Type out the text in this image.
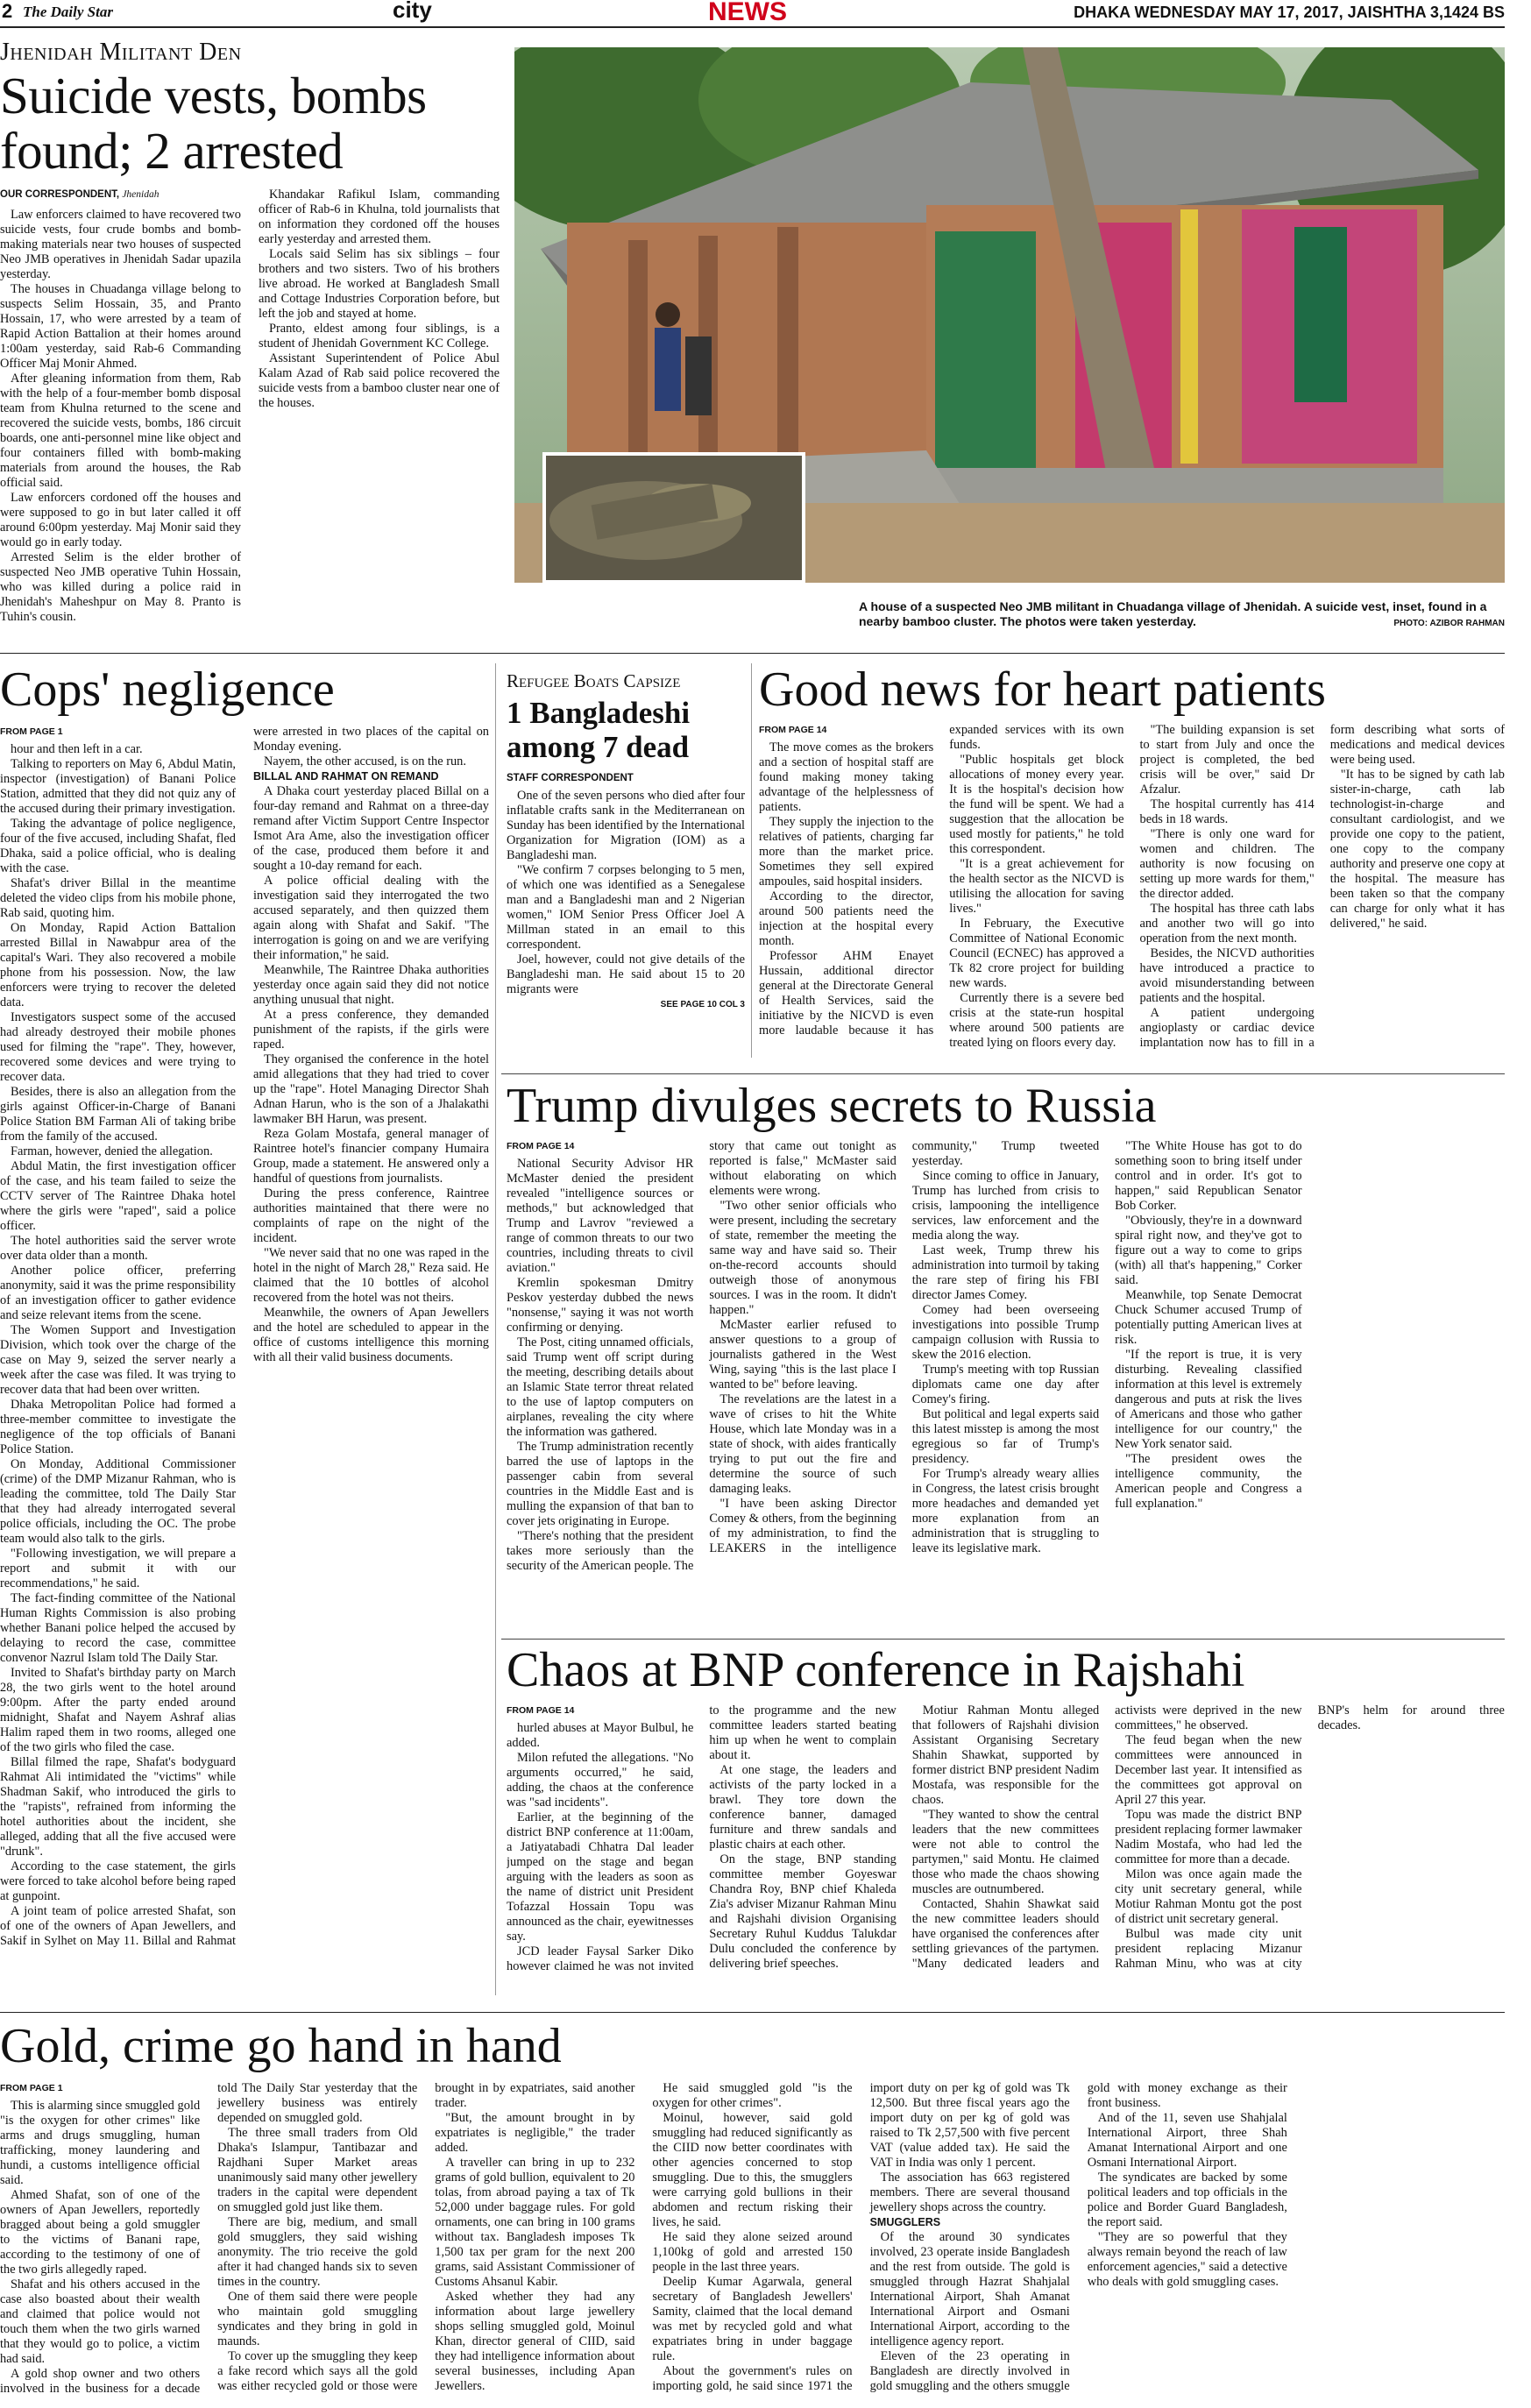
2 The Daily Star	city	NEWS	DHAKA WEDNESDAY MAY 17, 2017, JAISHTHA 3,1424 BS
Jhenidah Militant Den
Suicide vests, bombs found; 2 arrested
OUR CORRESPONDENT, Jhenidah

Law enforcers claimed to have recovered two suicide vests, four crude bombs and bomb-making materials near two houses of suspected Neo JMB operatives in Jhenidah Sadar upazila yesterday.

The houses in Chuadanga village belong to suspects Selim Hossain, 35, and Pranto Hossain, 17, who were arrested by a team of Rapid Action Battalion at their homes around 1:00am yesterday, said Rab-6 Commanding Officer Maj Monir Ahmed.

After gleaning information from them, Rab with the help of a four-member bomb disposal team from Khulna returned to the scene and recovered the suicide vests, bombs, 186 circuit boards, one anti-personnel mine like object and four containers filled with bomb-making materials from around the houses, the Rab official said.

Law enforcers cordoned off the houses and were supposed to go in but later called it off around 6:00pm yesterday. Maj Monir said they would go in early today.

Arrested Selim is the elder brother of suspected Neo JMB operative Tuhin Hossain, who was killed during a police raid in Jhenidah's Maheshpur on May 8. Pranto is Tuhin's cousin.

Khandakar Rafikul Islam, commanding officer of Rab-6 in Khulna, told journalists that on information they cordoned off the houses early yesterday and arrested them.

Locals said Selim has six siblings – four brothers and two sisters. Two of his brothers live abroad. He worked at Bangladesh Small and Cottage Industries Corporation before, but left the job and stayed at home.

Pranto, eldest among four siblings, is a student of Jhenidah Government KC College.

Assistant Superintendent of Police Abul Kalam Azad of Rab said police recovered the suicide vests from a bamboo cluster near one of the houses.

A house of a suspected Neo JMB militant in Chuadanga village of Jhenidah. A suicide vest, inset, found in a nearby bamboo cluster. The photos were taken yesterday.	PHOTO: AZIBOR RAHMAN
Cops' negligence
FROM PAGE 1

hour and then left in a car.

Talking to reporters on May 6, Abdul Matin, inspector (investigation) of Banani Police Station, admitted that they did not quiz any of the accused during their primary investigation.

Taking the advantage of police negligence, four of the five accused, including Shafat, fled Dhaka, said a police official, who is dealing with the case.

Shafat's driver Billal in the meantime deleted the video clips from his mobile phone, Rab said, quoting him.

On Monday, Rapid Action Battalion arrested Billal in Nawabpur area of the capital's Wari. They also recovered a mobile phone from his possession. Now, the law enforcers were trying to recover the deleted data.

Investigators suspect some of the accused had already destroyed their mobile phones used for filming the "rape". They, however, recovered some devices and were trying to recover data.

Besides, there is also an allegation from the girls against Officer-in-Charge of Banani Police Station BM Farman Ali of taking bribe from the family of the accused.

Farman, however, denied the allegation.

Abdul Matin, the first investigation officer of the case, and his team failed to seize the CCTV server of The Raintree Dhaka hotel where the girls were "raped", said a police officer.

The hotel authorities said the server wrote over data older than a month.

Another police officer, preferring anonymity, said it was the prime responsibility of an investigation officer to gather evidence and seize relevant items from the scene.

The Women Support and Investigation Division, which took over the charge of the case on May 9, seized the server nearly a week after the case was filed. It was trying to recover data that had been over written.

Dhaka Metropolitan Police had formed a three-member committee to investigate the negligence of the top officials of Banani Police Station.

On Monday, Additional Commissioner (crime) of the DMP Mizanur Rahman, who is leading the committee, told The Daily Star that they had already interrogated several police officials, including the OC. The probe team would also talk to the girls.

"Following investigation, we will prepare a report and submit it with our recommendations," he said.

The fact-finding committee of the National Human Rights Commission is also probing whether Banani police helped the accused by delaying to record the case, committee convenor Nazrul Islam told The Daily Star.

Invited to Shafat's birthday party on March 28, the two girls went to the hotel around 9:00pm. After the party ended around midnight, Shafat and Nayem Ashraf alias Halim raped them in two rooms, alleged one of the two girls who filed the case.

Billal filmed the rape, Shafat's bodyguard Rahmat Ali intimidated the "victims" while Shadman Sakif, who introduced the girls to the "rapists", refrained from informing the hotel authorities about the incident, she alleged, adding that all the five accused were "drunk".

According to the case statement, the girls were forced to take alcohol before being raped at gunpoint.

A joint team of police arrested Shafat, son of one of the owners of Apan Jewellers, and Sakif in Sylhet on May 11. Billal and Rahmat were arrested in two places of the capital on Monday evening.

Nayem, the other accused, is on the run.

BILLAL AND RAHMAT ON REMAND

A Dhaka court yesterday placed Billal on a four-day remand and Rahmat on a three-day remand after Victim Support Centre Inspector Ismot Ara Ame, also the investigation officer of the case, produced them before it and sought a 10-day remand for each.

A police official dealing with the investigation said they interrogated the two accused separately, and then quizzed them again along with Shafat and Sakif. "The interrogation is going on and we are verifying their information," he said.

Meanwhile, The Raintree Dhaka authorities yesterday once again said they did not notice anything unusual that night.

At a press conference, they demanded punishment of the rapists, if the girls were raped.

They organised the conference in the hotel amid allegations that they had tried to cover up the "rape". Hotel Managing Director Shah Adnan Harun, who is the son of a Jhalakathi lawmaker BH Harun, was present.

Reza Golam Mostafa, general manager of Raintree hotel's financier company Humaira Group, made a statement. He answered only a handful of questions from journalists.

During the press conference, Raintree authorities maintained that there were no complaints of rape on the night of the incident.

"We never said that no one was raped in the hotel in the night of March 28," Reza said. He claimed that the 10 bottles of alcohol recovered from the hotel was not theirs.

Meanwhile, the owners of Apan Jewellers and the hotel are scheduled to appear in the office of customs intelligence this morning with all their valid business documents.

Refugee Boats Capsize
1 Bangladeshi among 7 dead
STAFF CORRESPONDENT

One of the seven persons who died after four inflatable crafts sank in the Mediterranean on Sunday has been identified by the International Organization for Migration (IOM) as a Bangladeshi man.

"We confirm 7 corpses belonging to 5 men, of which one was identified as a Senegalese man and a Bangladeshi man and 2 Nigerian women," IOM Senior Press Officer Joel A Millman stated in an email to this correspondent.

Joel, however, could not give details of the Bangladeshi man. He said about 15 to 20 migrants were

SEE PAGE 10 COL 3
Good news for heart patients
FROM PAGE 14

The move comes as the brokers and a section of hospital staff are found making money taking advantage of the helplessness of patients.

They supply the injection to the relatives of patients, charging far more than the market price. Sometimes they sell expired ampoules, said hospital insiders.

According to the director, around 500 patients need the injection at the hospital every month.

Professor AHM Enayet Hussain, additional director general at the Directorate General of Health Services, said the initiative by the NICVD is even more laudable because it has expanded services with its own funds.

"Public hospitals get block allocations of money every year. It is the hospital's decision how the fund will be spent. We had a suggestion that the allocation be used mostly for patients," he told this correspondent.

"It is a great achievement for the health sector as the NICVD is utilising the allocation for saving lives."

In February, the Executive Committee of National Economic Council (ECNEC) has approved a Tk 82 crore project for building new wards.

Currently there is a severe bed crisis at the state-run hospital where around 500 patients are treated lying on floors every day.

"The building expansion is set to start from July and once the project is completed, the bed crisis will be over," said Dr Afzalur.

The hospital currently has 414 beds in 18 wards.

"There is only one ward for women and children. The authority is now focusing on setting up more wards for them," the director added.

The hospital has three cath labs and another two will go into operation from the next month.

Besides, the NICVD authorities have introduced a practice to avoid misunderstanding between patients and the hospital.

A patient undergoing angioplasty or cardiac device implantation now has to fill in a form describing what sorts of medications and medical devices were being used.

"It has to be signed by cath lab sister-in-charge, cath lab technologist-in-charge and consultant cardiologist, and we provide one copy to the patient, one copy to the company authority and preserve one copy at the hospital. The measure has been taken so that the company can charge for only what it has delivered," he said.

Trump divulges secrets to Russia
FROM PAGE 14

National Security Advisor HR McMaster denied the president revealed "intelligence sources or methods," but acknowledged that Trump and Lavrov "reviewed a range of common threats to our two countries, including threats to civil aviation."

Kremlin spokesman Dmitry Peskov yesterday dubbed the news "nonsense," saying it was not worth confirming or denying.

The Post, citing unnamed officials, said Trump went off script during the meeting, describing details about an Islamic State terror threat related to the use of laptop computers on airplanes, revealing the city where the information was gathered.

The Trump administration recently barred the use of laptops in the passenger cabin from several countries in the Middle East and is mulling the expansion of that ban to cover jets originating in Europe.

"There's nothing that the president takes more seriously than the security of the American people. The story that came out tonight as reported is false," McMaster said without elaborating on which elements were wrong.

"Two other senior officials who were present, including the secretary of state, remember the meeting the same way and have said so. Their on-the-record accounts should outweigh those of anonymous sources. I was in the room. It didn't happen."

McMaster earlier refused to answer questions to a group of journalists gathered in the West Wing, saying "this is the last place I wanted to be" before leaving.

The revelations are the latest in a wave of crises to hit the White House, which late Monday was in a state of shock, with aides frantically trying to put out the fire and determine the source of such damaging leaks.

"I have been asking Director Comey & others, from the beginning of my administration, to find the LEAKERS in the intelligence community," Trump tweeted yesterday.

Since coming to office in January, Trump has lurched from crisis to crisis, lampooning the intelligence services, law enforcement and the media along the way.

Last week, Trump threw his administration into turmoil by taking the rare step of firing his FBI director James Comey.

Comey had been overseeing investigations into possible Trump campaign collusion with Russia to skew the 2016 election.

Trump's meeting with top Russian diplomats came one day after Comey's firing.

But political and legal experts said this latest misstep is among the most egregious so far of Trump's presidency.

For Trump's already weary allies in Congress, the latest crisis brought more headaches and demanded yet more explanation from an administration that is struggling to leave its legislative mark.

"The White House has got to do something soon to bring itself under control and in order. It's got to happen," said Republican Senator Bob Corker.

"Obviously, they're in a downward spiral right now, and they've got to figure out a way to come to grips (with) all that's happening," Corker said.

Meanwhile, top Senate Democrat Chuck Schumer accused Trump of potentially putting American lives at risk.

"If the report is true, it is very disturbing. Revealing classified information at this level is extremely dangerous and puts at risk the lives of Americans and those who gather intelligence for our country," the New York senator said.

"The president owes the intelligence community, the American people and Congress a full explanation."

Chaos at BNP conference in Rajshahi
FROM PAGE 14

hurled abuses at Mayor Bulbul, he added.

Milon refuted the allegations. "No arguments occurred," he said, adding, the chaos at the conference was "sad incidents".

Earlier, at the beginning of the district BNP conference at 11:00am, a Jatiyatabadi Chhatra Dal leader jumped on the stage and began arguing with the leaders as soon as the name of district unit President Tofazzal Hossain Topu was announced as the chair, eyewitnesses say.

JCD leader Faysal Sarker Diko however claimed he was not invited to the programme and the new committee leaders started beating him up when he went to complain about it.

At one stage, the leaders and activists of the party locked in a brawl. They tore down the conference banner, damaged furniture and threw sandals and plastic chairs at each other.

On the stage, BNP standing committee member Goyeswar Chandra Roy, BNP chief Khaleda Zia's adviser Mizanur Rahman Minu and Rajshahi division Organising Secretary Ruhul Kuddus Talukdar Dulu concluded the conference by delivering brief speeches.

Motiur Rahman Montu alleged that followers of Rajshahi division Assistant Organising Secretary Shahin Shawkat, supported by former district BNP president Nadim Mostafa, was responsible for the chaos.

"They wanted to show the central leaders that the new committees were not able to control the partymen," said Montu. He claimed those who made the chaos showing muscles are outnumbered.

Contacted, Shahin Shawkat said the new committee leaders should have organised the conferences after settling grievances of the partymen. "Many dedicated leaders and activists were deprived in the new committees," he observed.

The feud began when the new committees were announced in December last year. It intensified as the committees got approval on April 27 this year.

Topu was made the district BNP president replacing former lawmaker Nadim Mostafa, who had led the committee for more than a decade.

Milon was once again made the city unit secretary general, while Motiur Rahman Montu got the post of district unit secretary general.

Bulbul was made city unit president replacing Mizanur Rahman Minu, who was at city BNP's helm for around three decades.

Gold, crime go hand in hand
FROM PAGE 1

This is alarming since smuggled gold "is the oxygen for other crimes" like arms and drugs smuggling, human trafficking, money laundering and hundi, a customs intelligence official said.

Ahmed Shafat, son of one of the owners of Apan Jewellers, reportedly bragged about being a gold smuggler to the victims of Banani rape, according to the testimony of one of the two girls allegedly raped.

Shafat and his others accused in the case also boasted about their wealth and claimed that police would not touch them when the two girls warned that they would go to police, a victim had said.

A gold shop owner and two others involved in the business for a decade told The Daily Star yesterday that the jewellery business was entirely depended on smuggled gold.

The three small traders from Old Dhaka's Islampur, Tantibazar and Rajdhani Super Market areas unanimously said many other jewellery traders in the capital were dependent on smuggled gold just like them.

There are big, medium, and small gold smugglers, they said wishing anonymity. The trio receive the gold after it had changed hands six to seven times in the country.

One of them said there were people who maintain gold smuggling syndicates and they bring in gold in maunds.

To cover up the smuggling they keep a fake record which says all the gold was either recycled gold or those were brought in by expatriates, said another trader.

"But, the amount brought in by expatriates is negligible," the trader added.

A traveller can bring in up to 232 grams of gold bullion, equivalent to 20 tolas, from abroad paying a tax of Tk 52,000 under baggage rules. For gold ornaments, one can bring in 100 grams without tax. Bangladesh imposes Tk 1,500 tax per gram for the next 200 grams, said Assistant Commissioner of Customs Ahsanul Kabir.

Asked whether they had any information about large jewellery shops selling smuggled gold, Moinul Khan, director general of CIID, said they had intelligence information about several businesses, including Apan Jewellers.

He said smuggled gold "is the oxygen for other crimes".

Moinul, however, said gold smuggling had reduced significantly as the CIID now better coordinates with other agencies concerned to stop smuggling. Due to this, the smugglers were carrying gold bullions in their abdomen and rectum risking their lives, he said.

He said they alone seized around 1,100kg of gold and arrested 150 people in the last three years.

Deelip Kumar Agarwala, general secretary of Bangladesh Jewellers' Samity, claimed that the local demand was met by recycled gold and what expatriates bring in under baggage rule.

About the government's rules on importing gold, he said since 1971 the import duty on per kg of gold was Tk 12,500. But three fiscal years ago the import duty on per kg of gold was raised to Tk 2,57,500 with five percent VAT (value added tax). He said the VAT in India was only 1 percent.

The association has 663 registered members. There are several thousand jewellery shops across the country.

SMUGGLERS

Of the around 30 syndicates involved, 23 operate inside Bangladesh and the rest from outside. The gold is smuggled through Hazrat Shahjalal International Airport, Shah Amanat International Airport and Osmani International Airport, according to the intelligence agency report.

Eleven of the 23 operating in Bangladesh are directly involved in gold smuggling and the others smuggle gold with money exchange as their front business.

And of the 11, seven use Shahjalal International Airport, three Shah Amanat International Airport and one Osmani International Airport.

The syndicates are backed by some political leaders and top officials in the police and Border Guard Bangladesh, the report said.

"They are so powerful that they always remain beyond the reach of law enforcement agencies," said a detective who deals with gold smuggling cases.
